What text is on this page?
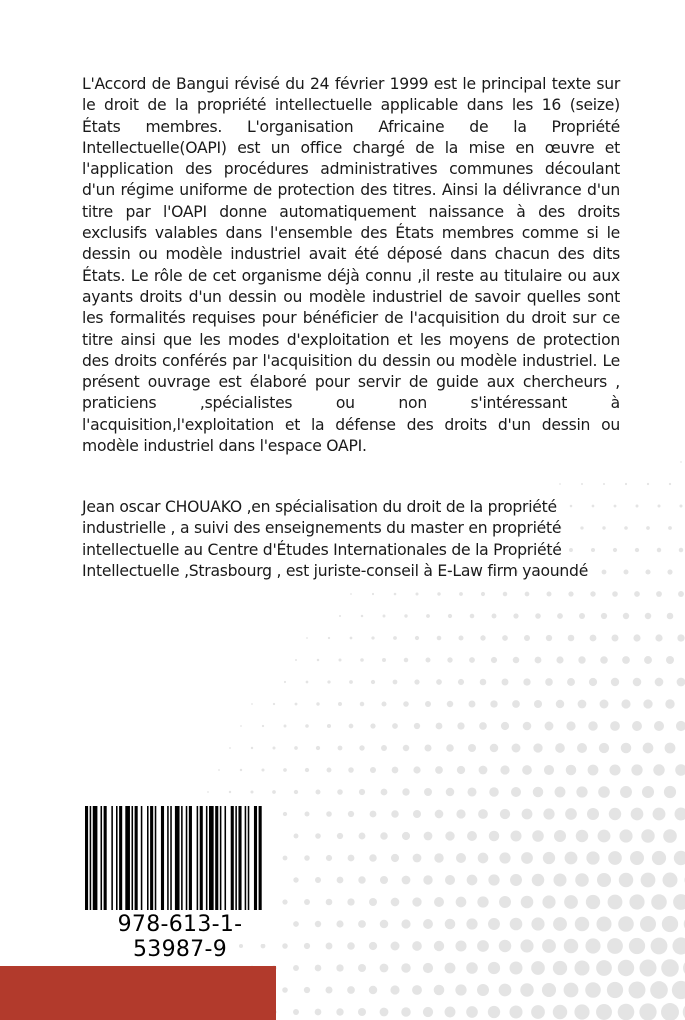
L'Accord de Bangui révisé du 24 février 1999 est le principal texte sur le droit de la propriété intellectuelle applicable dans les 16 (seize) États membres. L'organisation Africaine de la Propriété Intellectuelle(OAPI) est un office chargé de la mise en œuvre et l'application des procédures administratives communes découlant d'un régime uniforme de protection des titres. Ainsi la délivrance d'un titre par l'OAPI donne automatiquement naissance à des droits exclusifs valables dans l'ensemble des États membres comme si le dessin ou modèle industriel avait été déposé dans chacun des dits États. Le rôle de cet organisme déjà connu ,il reste au titulaire ou aux ayants droits d'un dessin ou modèle industriel de savoir quelles sont les formalités requises pour bénéficier de l'acquisition du droit sur ce titre ainsi que les modes d'exploitation et les moyens de protection des droits conférés par l'acquisition du dessin ou modèle industriel. Le présent ouvrage est élaboré pour servir de guide aux chercheurs , praticiens ,spécialistes ou non s'intéressant à l'acquisition,l'exploitation et la défense des droits d'un dessin ou modèle industriel dans l'espace OAPI.
Jean oscar CHOUAKO ,en spécialisation du droit de la propriété industrielle , a suivi des enseignements du master en propriété intellectuelle au Centre d'Études Internationales de la Propriété Intellectuelle ,Strasbourg , est juriste-conseil à E-Law firm yaoundé
978-613-1-53987-9
